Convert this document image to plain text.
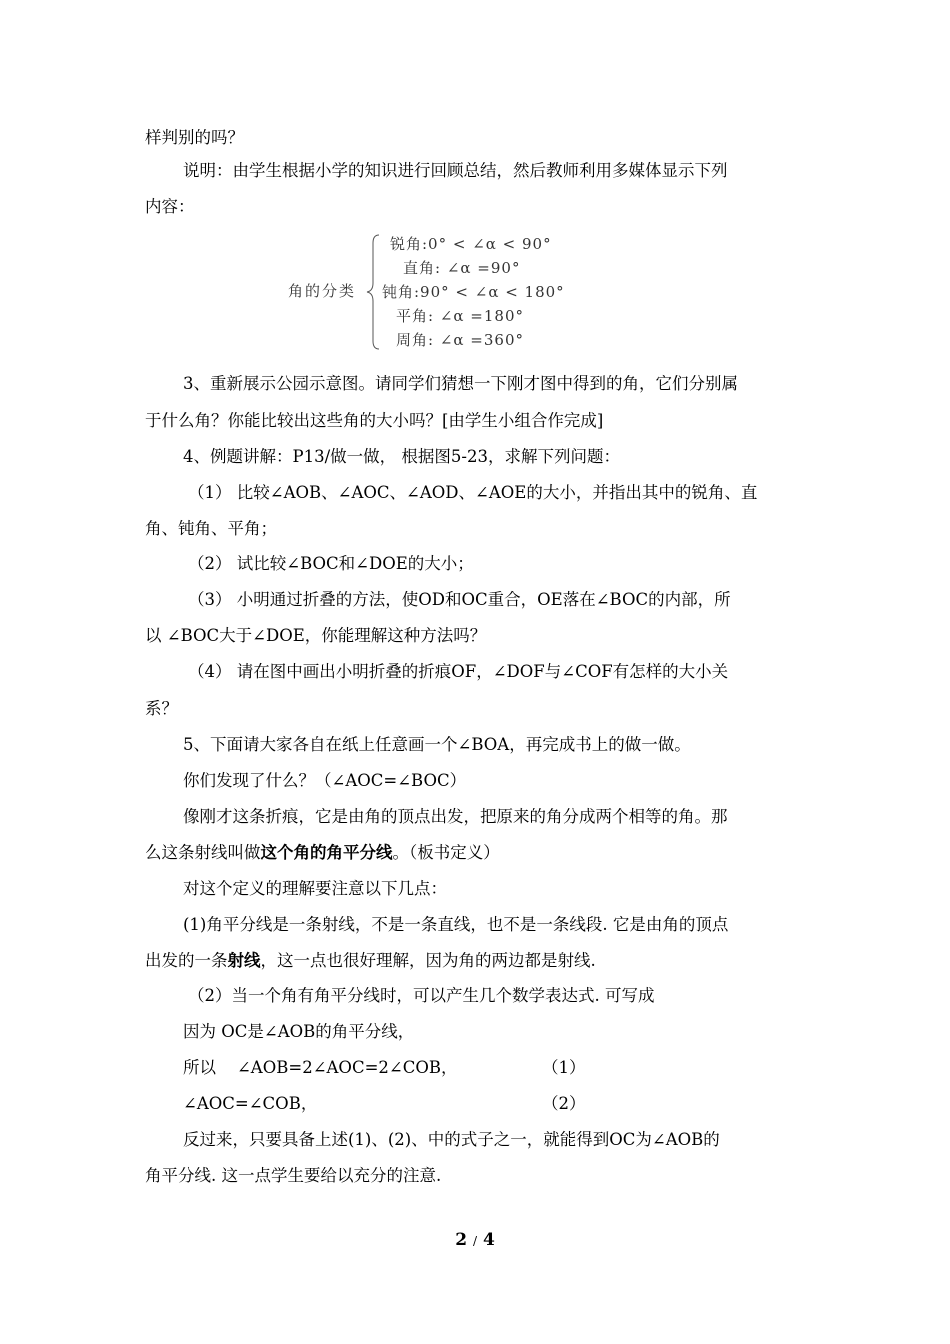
样判别的吗？
说明：由学生根据小学的知识进行回顾总结，然后教师利用多媒体显示下列
内容：
角的分类
锐角:0° < ∠α < 90°
直角: ∠α =90°
钝角:90° < ∠α < 180°
平角: ∠α =180°
周角: ∠α =360°
3、重新展示公园示意图。请同学们猜想一下刚才图中得到的角，它们分别属
于什么角？你能比较出这些角的大小吗？[由学生小组合作完成]
4、例题讲解：P13/做一做， 根据图5-23，求解下列问题：
（1） 比较∠AOB、∠AOC、∠AOD、∠AOE的大小，并指出其中的锐角、直
角、钝角、平角；
（2） 试比较∠BOC和∠DOE的大小；
（3） 小明通过折叠的方法，使OD和OC重合，OE落在∠BOC的内部，所
以 ∠BOC大于∠DOE，你能理解这种方法吗？
（4） 请在图中画出小明折叠的折痕OF，∠DOF与∠COF有怎样的大小关
系？
5、下面请大家各自在纸上任意画一个∠BOA，再完成书上的做一做。
你们发现了什么？（∠AOC=∠BOC）
像刚才这条折痕，它是由角的顶点出发，把原来的角分成两个相等的角。那
么这条射线叫做这个角的角平分线。（板书定义）
对这个定义的理解要注意以下几点：
(1)角平分线是一条射线，不是一条直线，也不是一条线段. 它是由角的顶点
出发的一条射线，这一点也很好理解，因为角的两边都是射线.
（2）当一个角有角平分线时，可以产生几个数学表达式. 可写成
因为 OC是∠AOB的角平分线，
所以    ∠AOB=2∠AOC=2∠COB，	（1）
∠AOC=∠COB，	（2）
反过来，只要具备上述(1)、(2)、中的式子之一，就能得到OC为∠AOB的
角平分线. 这一点学生要给以充分的注意.
2 / 4
